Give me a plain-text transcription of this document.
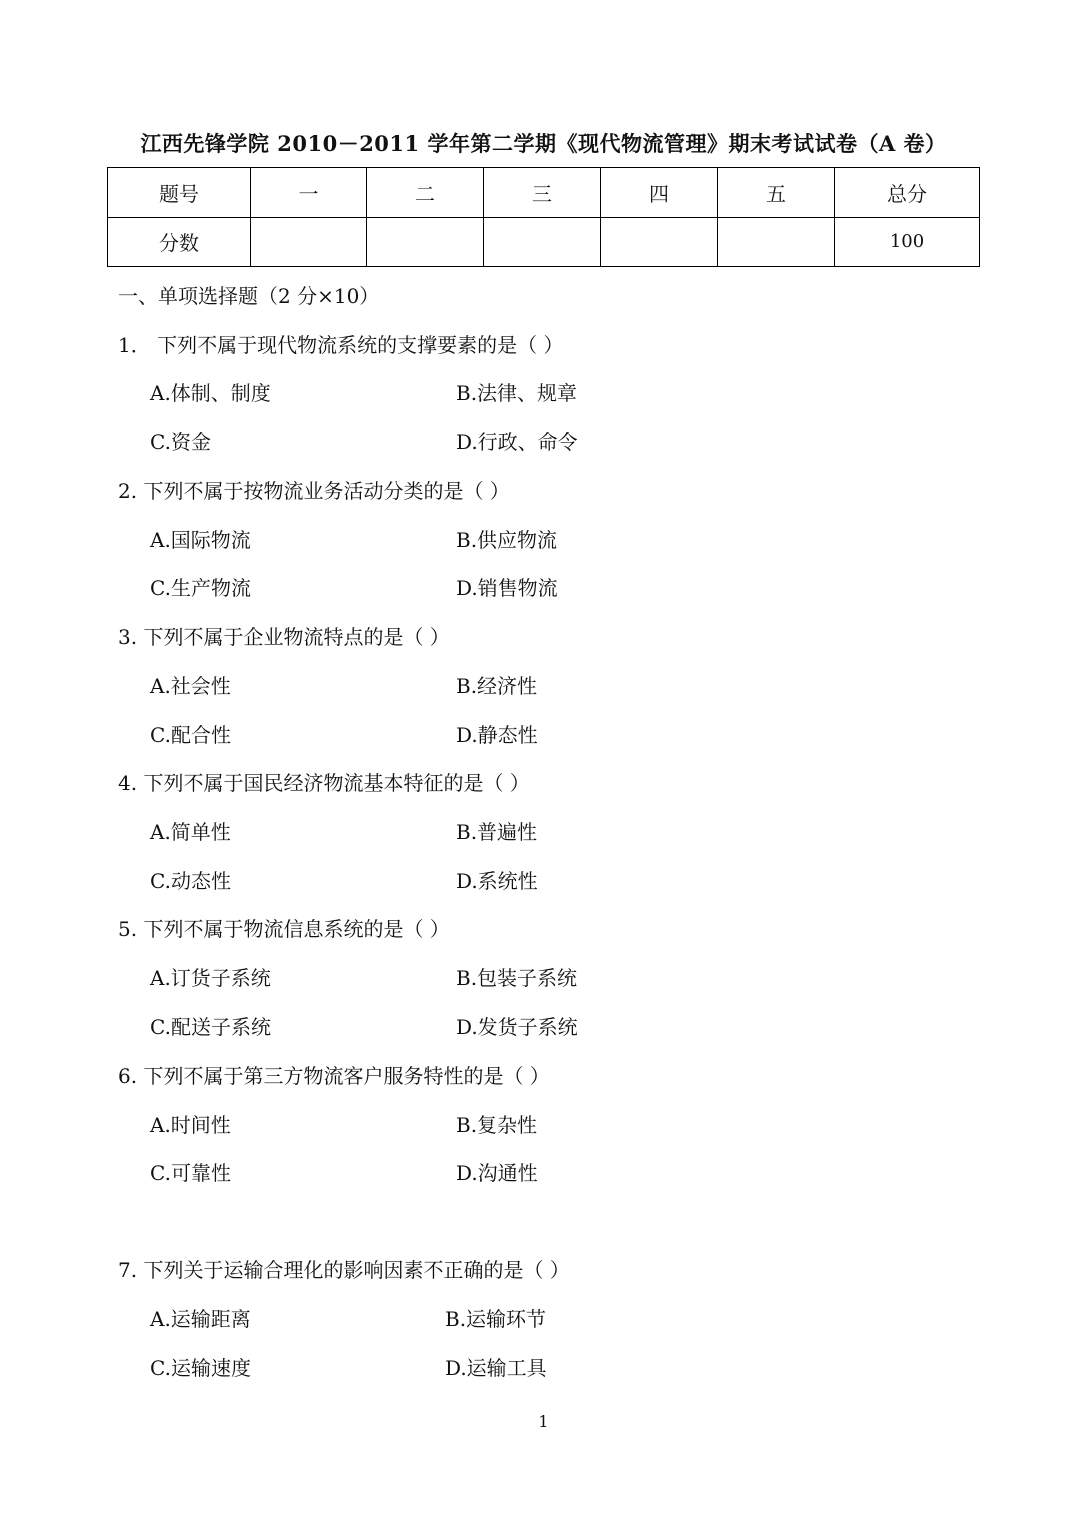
江西先锋学院 2010－2011 学年第二学期《现代物流管理》期末考试试卷（A 卷）
题号	一	二	三	四	五	总分
分数						100
一、单项选择题（2 分×10）
1． 下列不属于现代物流系统的支撑要素的是（ ）
A.体制、制度	B.法律、规章
C.资金	D.行政、命令
2. 下列不属于按物流业务活动分类的是（ ）
A.国际物流	B.供应物流
C.生产物流	D.销售物流
3. 下列不属于企业物流特点的是（ ）
A.社会性	B.经济性
C.配合性	D.静态性
4. 下列不属于国民经济物流基本特征的是（ ）
A.简单性	B.普遍性
C.动态性	D.系统性
5. 下列不属于物流信息系统的是（ ）
A.订货子系统	B.包装子系统
C.配送子系统	D.发货子系统
6. 下列不属于第三方物流客户服务特性的是（ ）
A.时间性	B.复杂性
C.可靠性	D.沟通性
7. 下列关于运输合理化的影响因素不正确的是（ ）
A.运输距离	B.运输环节
C.运输速度	D.运输工具
1
